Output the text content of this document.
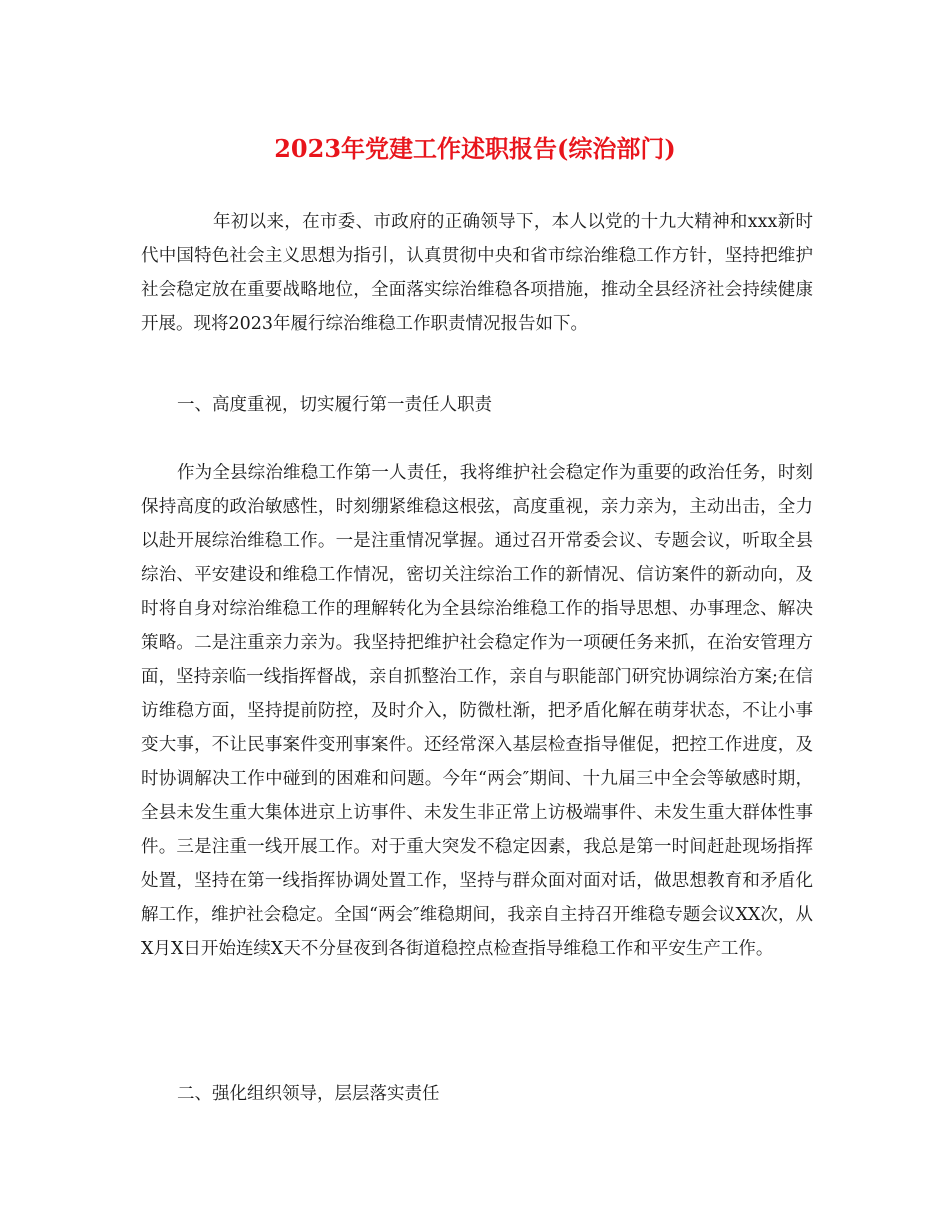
2023年党建工作述职报告(综治部门)

年初以来，在市委、市政府的正确领导下，本人以党的十九大精神和xxx新时代中国特色社会主义思想为指引，认真贯彻中央和省市综治维稳工作方针，坚持把维护社会稳定放在重要战略地位，全面落实综治维稳各项措施，推动全县经济社会持续健康开展。现将2023年履行综治维稳工作职责情况报告如下。

一、高度重视，切实履行第一责任人职责

作为全县综治维稳工作第一人责任，我将维护社会稳定作为重要的政治任务，时刻保持高度的政治敏感性，时刻绷紧维稳这根弦，高度重视，亲力亲为，主动出击，全力以赴开展综治维稳工作。一是注重情况掌握。通过召开常委会议、专题会议，听取全县综治、平安建设和维稳工作情况，密切关注综治工作的新情况、信访案件的新动向，及时将自身对综治维稳工作的理解转化为全县综治维稳工作的指导思想、办事理念、解决策略。二是注重亲力亲为。我坚持把维护社会稳定作为一项硬任务来抓，在治安管理方面，坚持亲临一线指挥督战，亲自抓整治工作，亲自与职能部门研究协调综治方案;在信访维稳方面，坚持提前防控，及时介入，防微杜渐，把矛盾化解在萌芽状态，不让小事变大事，不让民事案件变刑事案件。还经常深入基层检查指导催促，把控工作进度，及时协调解决工作中碰到的困难和问题。今年“两会″期间、十九届三中全会等敏感时期，全县未发生重大集体进京上访事件、未发生非正常上访极端事件、未发生重大群体性事件。三是注重一线开展工作。对于重大突发不稳定因素，我总是第一时间赶赴现场指挥处置，坚持在第一线指挥协调处置工作，坚持与群众面对面对话，做思想教育和矛盾化解工作，维护社会稳定。全国“两会″维稳期间，我亲自主持召开维稳专题会议XX次，从X月X日开始连续X天不分昼夜到各街道稳控点检查指导维稳工作和平安生产工作。

二、强化组织领导，层层落实责任
